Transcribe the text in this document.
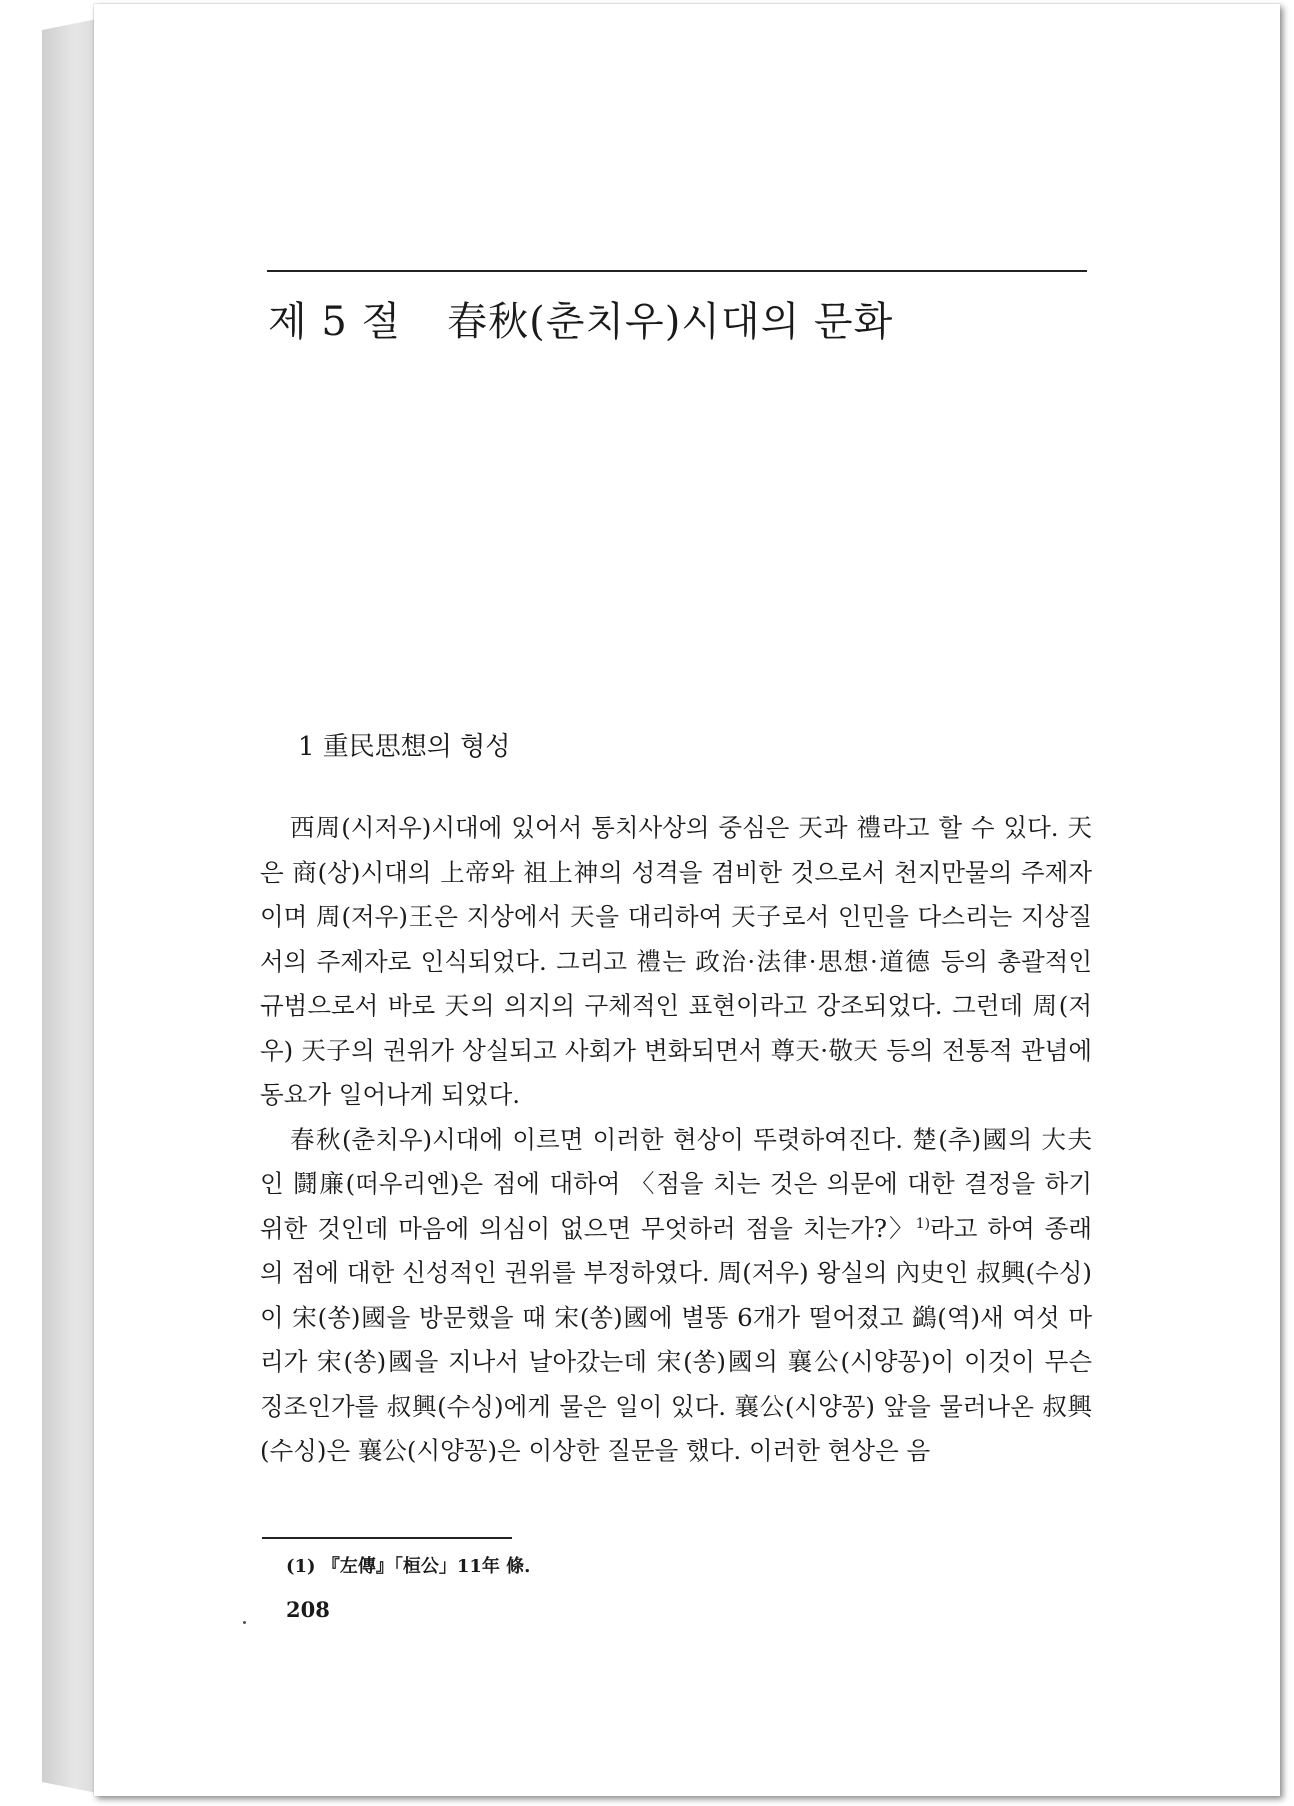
제 5 절 春秋(춘치우)시대의 문화
1 重民思想의 형성

西周(시저우)시대에 있어서 통치사상의 중심은 天과 禮라고 할 수 있다. 天은 商(상)시대의 上帝와 祖上神의 성격을 겸비한 것으로서 천지만물의 주제자이며 周(저우)王은 지상에서 天을 대리하여 天子로서 인민을 다스리는 지상질서의 주제자로 인식되었다. 그리고 禮는 政治·法律·思想·道德 등의 총괄적인 규범으로서 바로 天의 의지의 구체적인 표현이라고 강조되었다. 그런데 周(저우) 天子의 권위가 상실되고 사회가 변화되면서 尊天·敬天 등의 전통적 관념에 동요가 일어나게 되었다.

春秋(춘치우)시대에 이르면 이러한 현상이 뚜렷하여진다. 楚(추)國의 大夫인 鬪廉(떠우리엔)은 점에 대하여 〈점을 치는 것은 의문에 대한 결정을 하기 위한 것인데 마음에 의심이 없으면 무엇하러 점을 치는가?〉$^{1)}$라고 하여 종래의 점에 대한 신성적인 권위를 부정하였다. 周(저우) 왕실의 內史인 叔興(수싱)이 宋(쏭)國을 방문했을 때 宋(쏭)國에 별똥 6개가 떨어졌고 鷁(역)새 여섯 마리가 宋(쏭)國을 지나서 날아갔는데 宋(쏭)國의 襄公(시양꽁)이 이것이 무슨 징조인가를 叔興(수싱)에게 물은 일이 있다. 襄公(시양꽁) 앞을 물러나온 叔興(수싱)은 襄公(시양꽁)은 이상한 질문을 했다. 이러한 현상은 음

(1) 『左傳』「桓公」11年 條.
208
